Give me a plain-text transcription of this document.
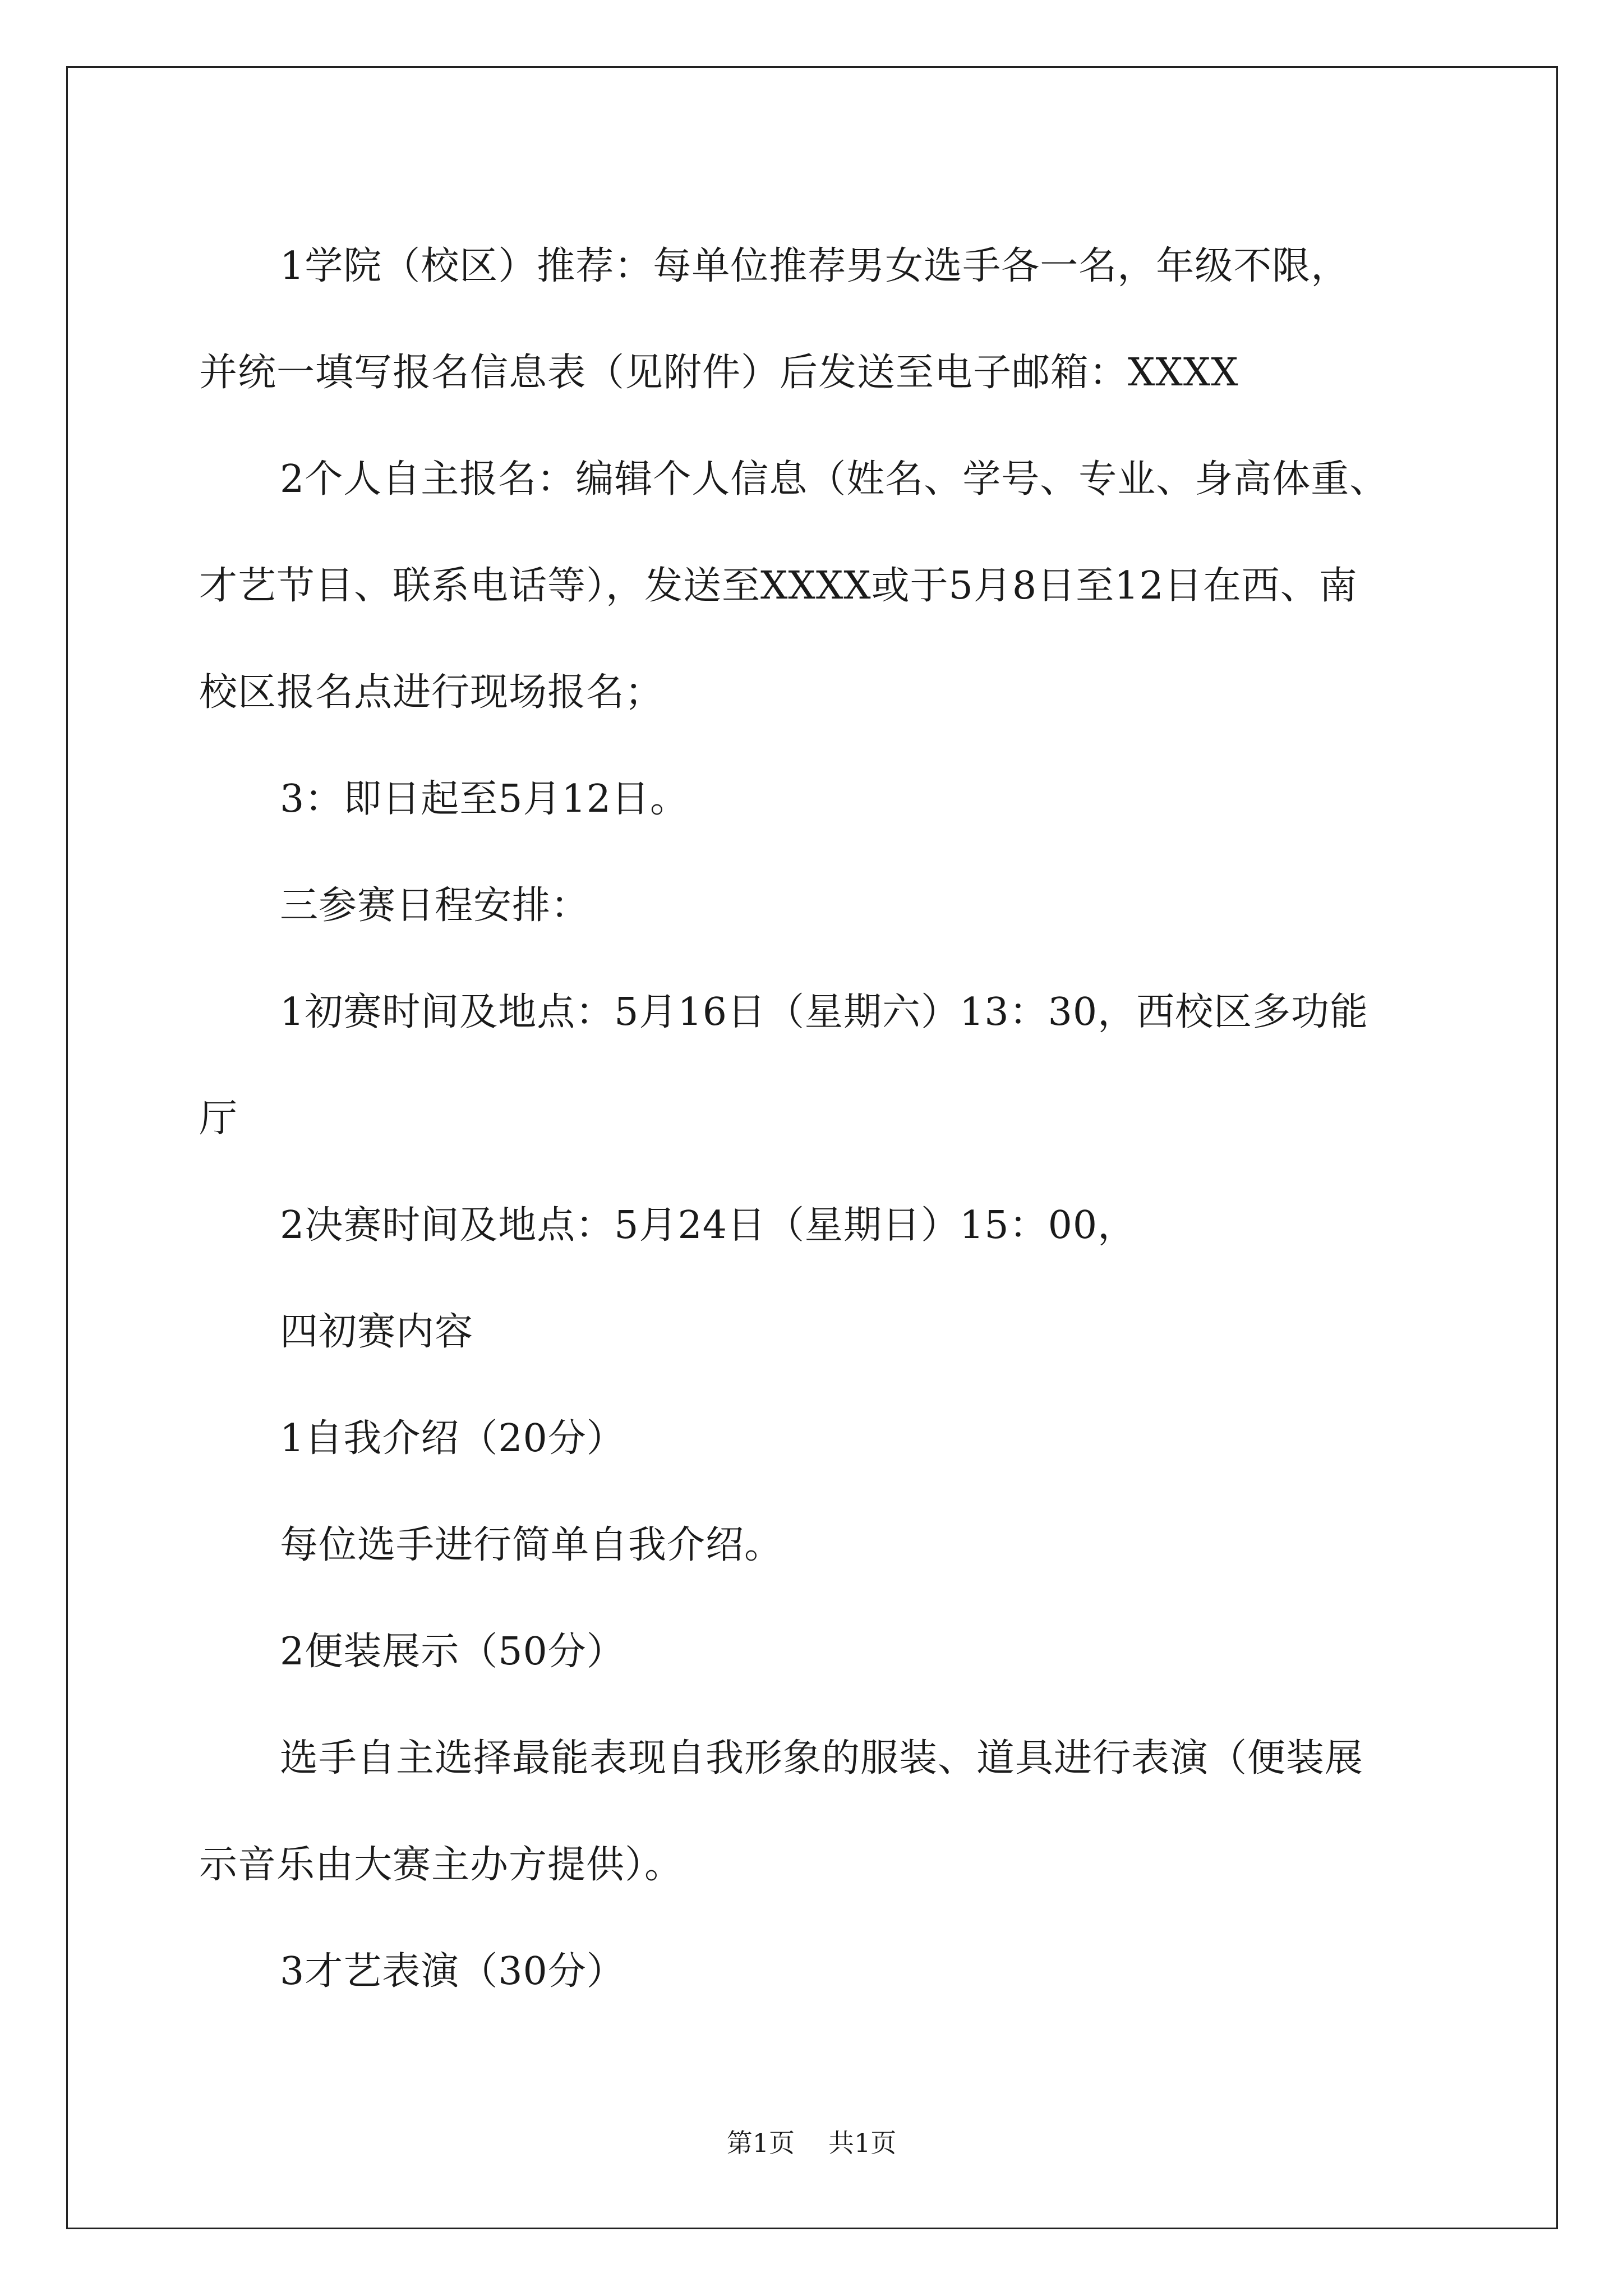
1学院（校区）推荐：每单位推荐男女选手各一名，年级不限，

并统一填写报名信息表（见附件）后发送至电子邮箱：XXXX

2个人自主报名：编辑个人信息（姓名、学号、专业、身高体重、

才艺节目、联系电话等），发送至XXXX或于5月8日至12日在西、南

校区报名点进行现场报名；

3：即日起至5月12日。

三参赛日程安排：

1初赛时间及地点：5月16日（星期六）13：30，西校区多功能

厅

2决赛时间及地点：5月24日（星期日）15：00，

四初赛内容

1自我介绍（20分）

每位选手进行简单自我介绍。

2便装展示（50分）

选手自主选择最能表现自我形象的服装、道具进行表演（便装展

示音乐由大赛主办方提供）。

3才艺表演（30分）

第1页 共1页
